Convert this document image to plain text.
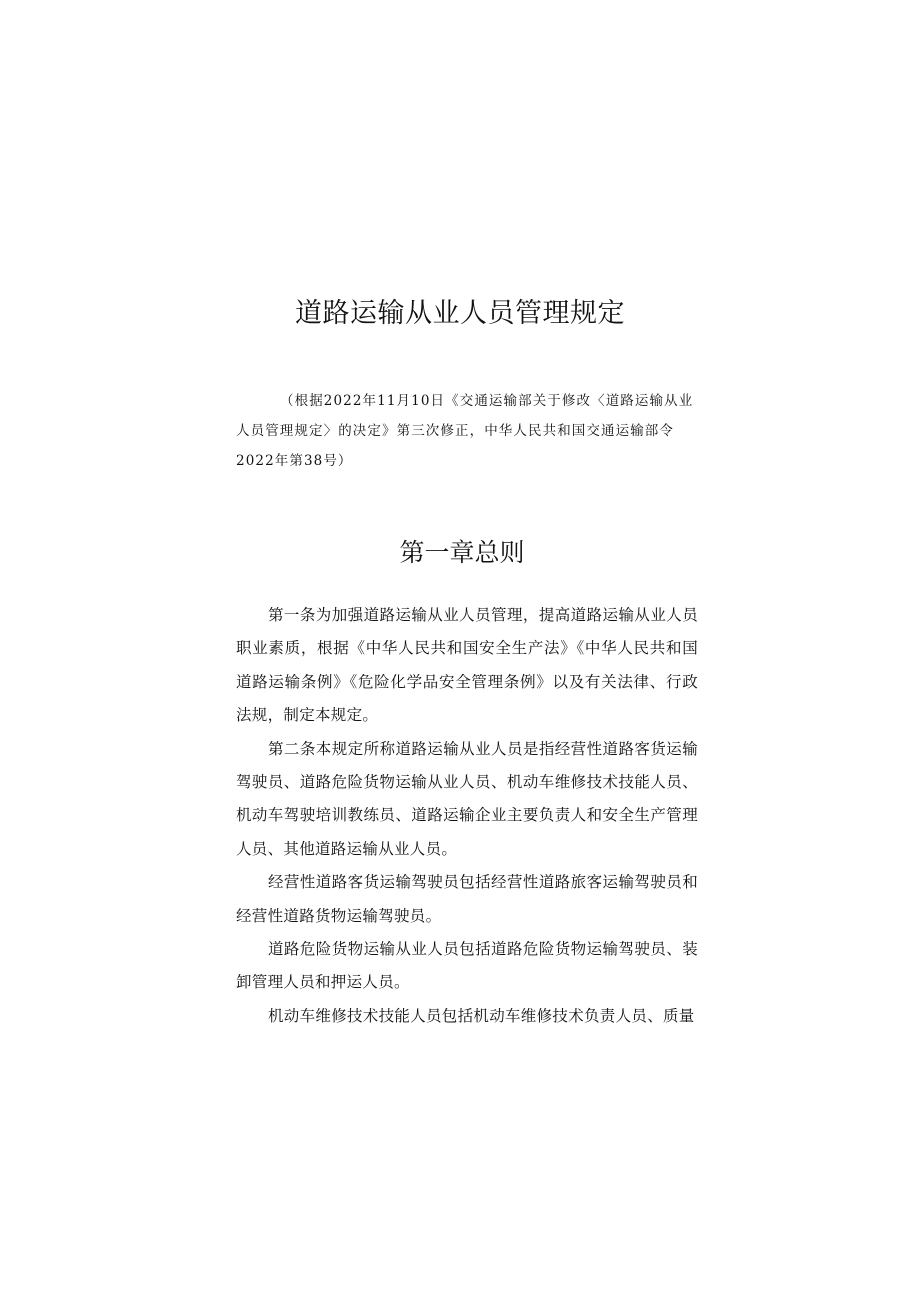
道路运输从业人员管理规定

（根据2022年11月10日《交通运输部关于修改〈道路运输从业人员管理规定〉的决定》第三次修正，中华人民共和国交通运输部令2022年第38号）

第一章总则

第一条为加强道路运输从业人员管理，提高道路运输从业人员职业素质，根据《中华人民共和国安全生产法》《中华人民共和国道路运输条例》《危险化学品安全管理条例》以及有关法律、行政法规，制定本规定。

第二条本规定所称道路运输从业人员是指经营性道路客货运输驾驶员、道路危险货物运输从业人员、机动车维修技术技能人员、机动车驾驶培训教练员、道路运输企业主要负责人和安全生产管理人员、其他道路运输从业人员。

经营性道路客货运输驾驶员包括经营性道路旅客运输驾驶员和经营性道路货物运输驾驶员。

道路危险货物运输从业人员包括道路危险货物运输驾驶员、装卸管理人员和押运人员。

机动车维修技术技能人员包括机动车维修技术负责人员、质量
